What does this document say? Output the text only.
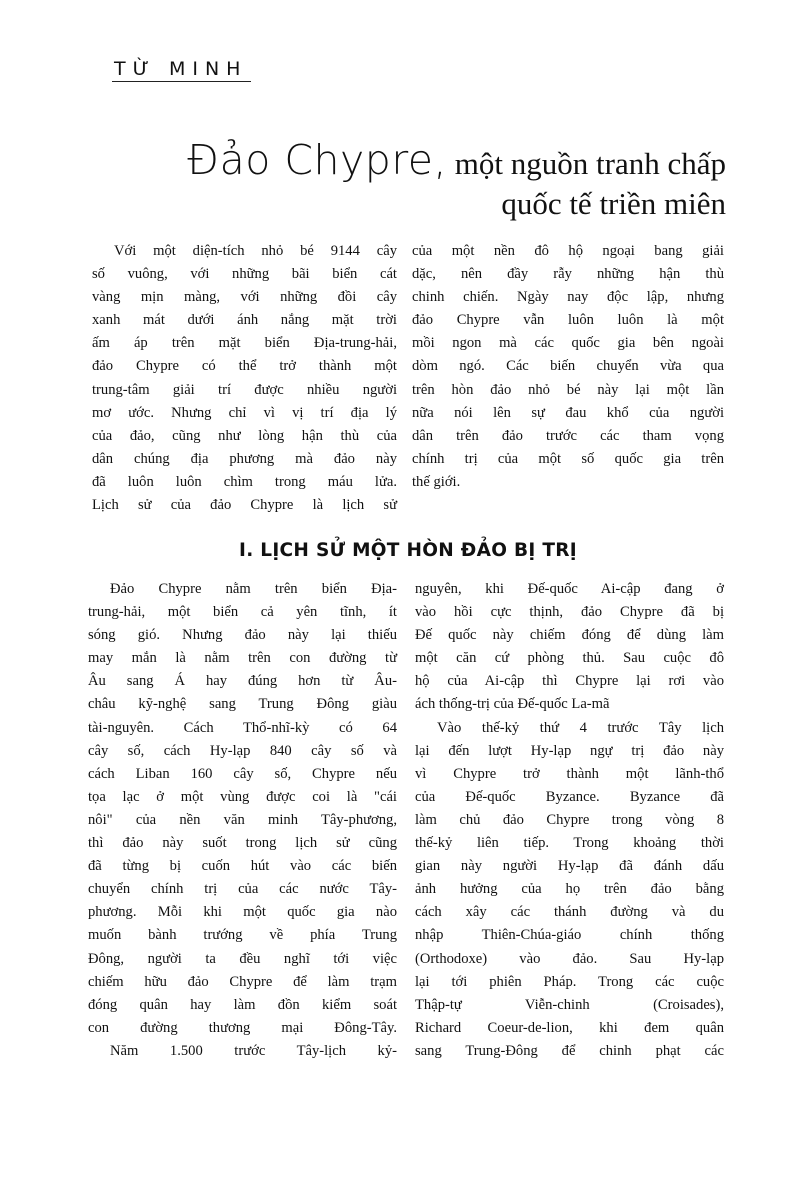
TỪ MINH
Đảo Chypre, một nguồn tranh chấp
quốc tế triền miên

Với một diện-tích nhỏ bé 9144 cây

số vuông, với những bãi biển cát

vàng mịn màng, với những đồi cây

xanh mát dưới ánh nắng mặt trời

ấm áp trên mặt biển Địa-trung-hải,

đảo Chypre có thể trở thành một

trung-tâm giải trí được nhiều người

mơ ước. Nhưng chỉ vì vị trí địa lý

của đảo, cũng như lòng hận thù của

dân chúng địa phương mà đảo này

đã luôn luôn chìm trong máu lửa.

Lịch sử của đảo Chypre là lịch sử

của một nền đô hộ ngoại bang giải

dặc, nên đầy rẫy những hận thù

chinh chiến. Ngày nay độc lập, nhưng

đảo Chypre vẫn luôn luôn là một

mồi ngon mà các quốc gia bên ngoài

dòm ngó. Các biến chuyển vừa qua

trên hòn đảo nhỏ bé này lại một lần

nữa nói lên sự đau khổ của người

dân trên đảo trước các tham vọng

chính trị của một số quốc gia trên

thế giới.

I. LỊCH SỬ MỘT HÒN ĐẢO BỊ TRỊ

Đảo Chypre nằm trên biển Địa-

trung-hải, một biển cả yên tĩnh, ít

sóng gió. Nhưng đảo này lại thiếu

may mắn là nằm trên con đường từ

Âu sang Á hay đúng hơn từ Âu-

châu kỹ-nghệ sang Trung Đông giàu

tài-nguyên. Cách Thổ-nhĩ-kỳ có 64

cây số, cách Hy-lạp 840 cây số và

cách Liban 160 cây số, Chypre nếu

tọa lạc ở một vùng được coi là "cái

nôi" của nền văn minh Tây-phương,

thì đảo này suốt trong lịch sử cũng

đã từng bị cuốn hút vào các biến

chuyển chính trị của các nước Tây-

phương. Mỗi khi một quốc gia nào

muốn bành trướng về phía Trung

Đông, người ta đều nghĩ tới việc

chiếm hữu đảo Chypre để làm trạm

đóng quân hay làm đồn kiểm soát

con đường thương mại Đông-Tây.

Năm 1.500 trước Tây-lịch kỷ-

nguyên, khi Đế-quốc Ai-cập đang ở

vào hồi cực thịnh, đảo Chypre đã bị

Đế quốc này chiếm đóng để dùng làm

một căn cứ phòng thủ. Sau cuộc đô

hộ của Ai-cập thì Chypre lại rơi vào

ách thống-trị của Đế-quốc La-mã

Vào thế-kỷ thứ 4 trước Tây lịch

lại đến lượt Hy-lạp ngự trị đảo này

vì Chypre trở thành một lãnh-thổ

của Đế-quốc Byzance. Byzance đã

làm chủ đảo Chypre trong vòng 8

thế-kỷ liên tiếp. Trong khoảng thời

gian này người Hy-lạp đã đánh dấu

ảnh hưởng của họ trên đảo bằng

cách xây các thánh đường và du

nhập Thiên-Chúa-giáo chính thống

(Orthodoxe) vào đảo. Sau Hy-lạp

lại tới phiên Pháp. Trong các cuộc

Thập-tự Viễn-chinh (Croisades),

Richard Coeur-de-lion, khi đem quân

sang Trung-Đông để chinh phạt các
